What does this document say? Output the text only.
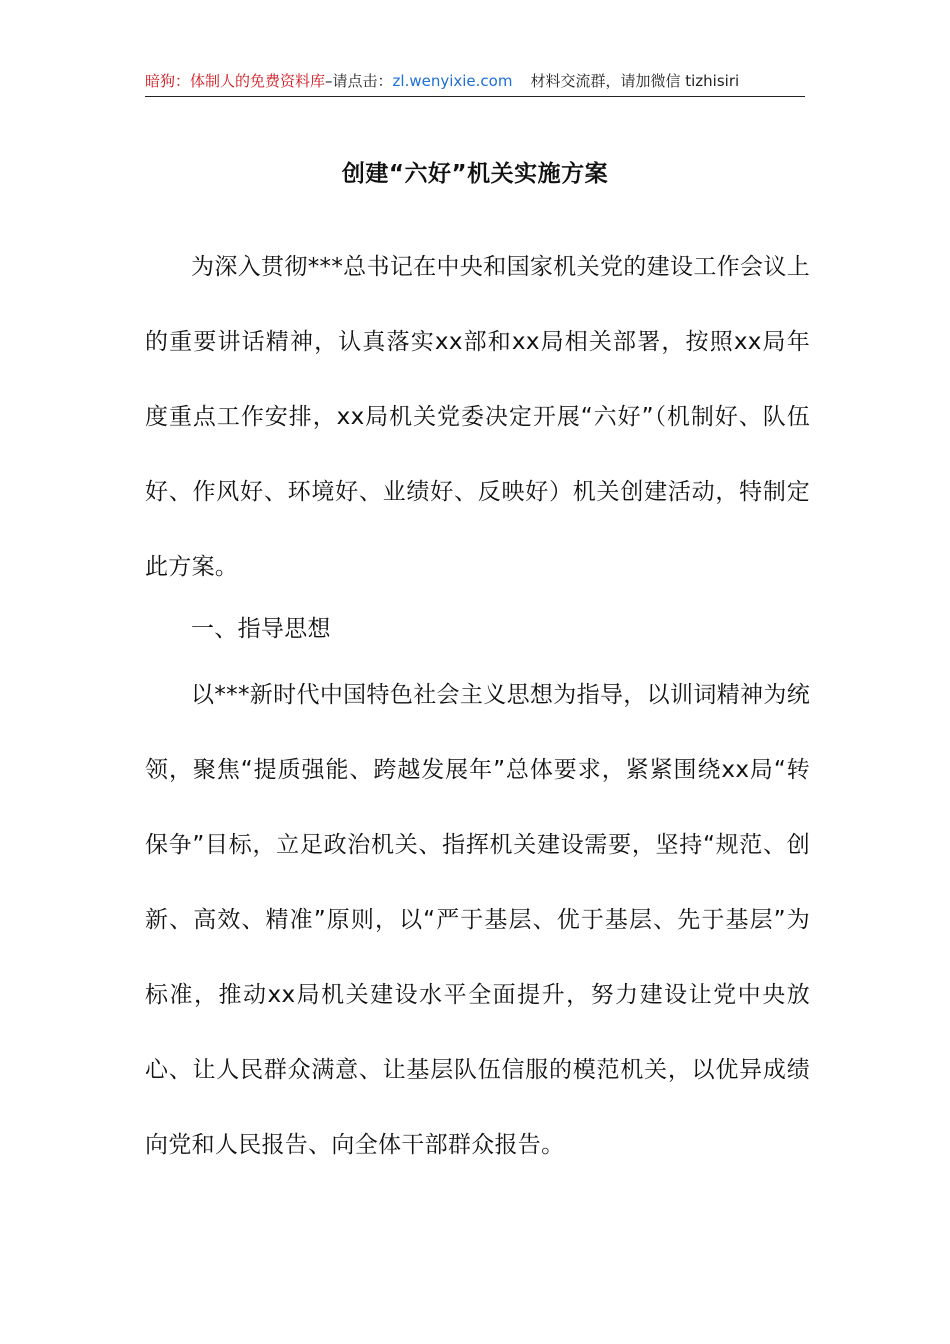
暗狗：体制人的免费资料库 –请点击： zl.wenyixie.com 材料交流群，请加微信 tizhisiri
创建“六好”机关实施方案

为深入贯彻***总书记在中央和国家机关党的建设工作会议上的重要讲话精神，认真落实xx部和xx局相关部署，按照xx局年度重点工作安排，xx局机关党委决定开展“六好”（机制好、队伍好、作风好、环境好、业绩好、反映好）机关创建活动，特制定此方案。

一、指导思想

以***新时代中国特色社会主义思想为指导，以训词精神为统领，聚焦“提质强能、跨越发展年”总体要求，紧紧围绕xx局“转保争”目标，立足政治机关、指挥机关建设需要，坚持“规范、创新、高效、精准”原则，以“严于基层、优于基层、先于基层”为标准，推动xx局机关建设水平全面提升，努力建设让党中央放心、让人民群众满意、让基层队伍信服的模范机关，以优异成绩向党和人民报告、向全体干部群众报告。
